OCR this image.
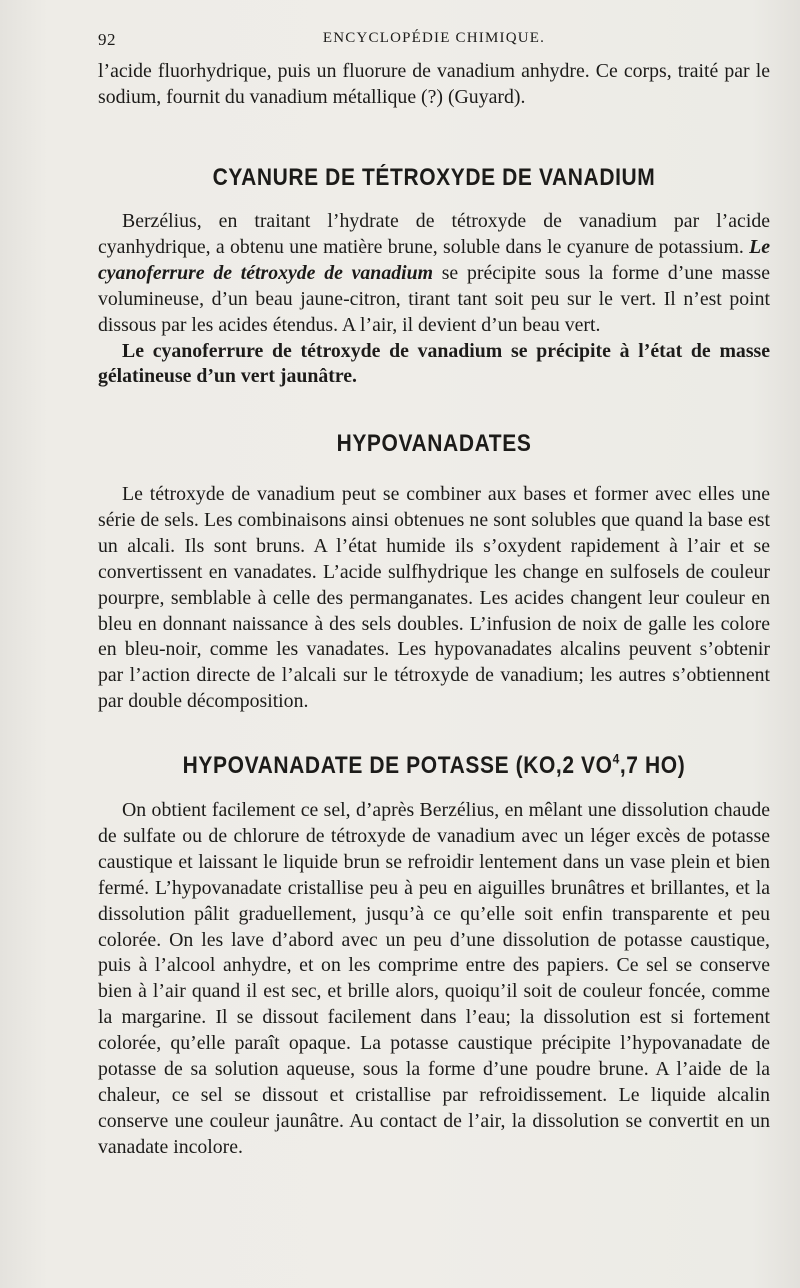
92	ENCYCLOPÉDIE CHIMIQUE.

l’acide fluorhydrique, puis un fluorure de vanadium anhydre. Ce corps, traité par le sodium, fournit du vanadium métallique (?) (Guyard).

CYANURE DE TÉTROXYDE DE VANADIUM

Berzélius, en traitant l’hydrate de tétroxyde de vanadium par l’acide cyanhydrique, a obtenu une matière brune, soluble dans le cyanure de potassium. Le cyanoferrure de tétroxyde de vanadium se précipite sous la forme d’une masse volumineuse, d’un beau jaune-citron, tirant tant soit peu sur le vert. Il n’est point dissous par les acides étendus. A l’air, il devient d’un beau vert.

Le cyanoferrure de tétroxyde de vanadium se précipite à l’état de masse gélatineuse d’un vert jaunâtre.

HYPOVANADATES

Le tétroxyde de vanadium peut se combiner aux bases et former avec elles une série de sels. Les combinaisons ainsi obtenues ne sont solubles que quand la base est un alcali. Ils sont bruns. A l’état humide ils s’oxydent rapidement à l’air et se convertissent en vanadates. L’acide sulfhydrique les change en sulfosels de couleur pourpre, semblable à celle des permanganates. Les acides changent leur couleur en bleu en donnant naissance à des sels doubles. L’infusion de noix de galle les colore en bleu-noir, comme les vanadates. Les hypovanadates alcalins peuvent s’obtenir par l’action directe de l’alcali sur le tétroxyde de vanadium; les autres s’obtiennent par double décomposition.

HYPOVANADATE DE POTASSE (KO,2 $VO^4,7$ HO)

On obtient facilement ce sel, d’après Berzélius, en mêlant une dissolution chaude de sulfate ou de chlorure de tétroxyde de vanadium avec un léger excès de potasse caustique et laissant le liquide brun se refroidir lentement dans un vase plein et bien fermé. L’hypovanadate cristallise peu à peu en aiguilles brunâtres et brillantes, et la dissolution pâlit graduellement, jusqu’à ce qu’elle soit enfin transparente et peu colorée. On les lave d’abord avec un peu d’une dissolution de potasse caustique, puis à l’alcool anhydre, et on les comprime entre des papiers. Ce sel se conserve bien à l’air quand il est sec, et brille alors, quoiqu’il soit de couleur foncée, comme la margarine. Il se dissout facilement dans l’eau; la dissolution est si fortement colorée, qu’elle paraît opaque. La potasse caustique précipite l’hypovanadate de potasse de sa solution aqueuse, sous la forme d’une poudre brune. A l’aide de la chaleur, ce sel se dissout et cristallise par refroidissement. Le liquide alcalin conserve une couleur jaunâtre. Au contact de l’air, la dissolution se convertit en un vanadate incolore.
